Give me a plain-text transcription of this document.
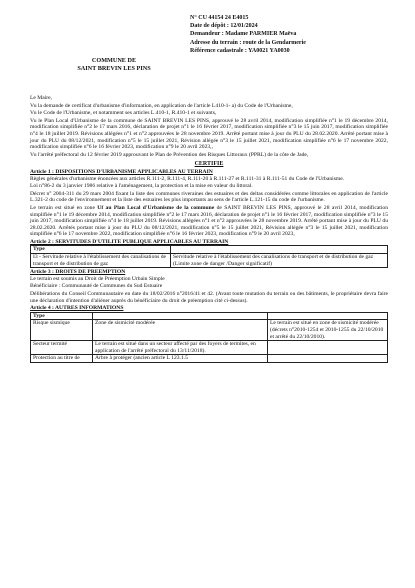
COMMUNE DE
SAINT BREVIN LES PINS
N° CU 44154 24 E4015
Date de dépôt : 12/01/2024
Demandeur : Madame PARMIER Maëva
Adresse du terrain : route de la Gendarmerie
Référence cadastrale : YA0021 YA0030

Le Maire,

Vu la demande de certificat d'urbanisme d'information, en application de l'article L410-1- a) du Code de l'Urbanisme,

Vu le Code de l'Urbanisme, et notamment ses articles L.410-1, R.410-1 et suivants,

Vu le Plan Local d'Urbanisme de la commune de SAINT BREVIN LES PINS, approuvé le 28 avril 2014, modification simplifiée n°1 le 19 décembre 2014, modification simplifiée n°2 le 17 mars 2016, déclaration de projet n°1 le 16 février 2017, modification simplifiée n°3 le 15 juin 2017, modification simplifiée n°4 le 18 juillet 2019. Révisions allégées n°1 et n°2 approuvées le 28 novembre 2019. Arrêté portant mise à jour du PLU du 28.02.2020. Arrêté portant mise à jour du PLU du 08/12/2021, modification n°5 le 15 juillet 2021, Révision allégée n°3 le 15 juillet 2021, modification simplifiée n°6 le 17 novembre 2022, modification simplifiée n°6 le 16 février 2023, modification n°9 le 20 avril 2023,,

Vu l'arrêté préfectoral du 12 février 2019 approuvant le Plan de Prévention des Risques Littoraux (PPRL) de la côte de Jade,

CERTIFIE
Article 1 : DISPOSITIONS D'URBANISME APPLICABLES AU TERRAIN

Règles générales d'urbanisme énoncées aux articles R.111-2, R.111-4, R.111-20 à R.111-27 et R.111-31 à R.111-51 du Code de l'Urbanisme.

Loi n°86-2 du 3 janvier 1986 relative à l'aménagement, la protection et la mise en valeur du littoral.

Décret n° 2004-311 du 29 mars 2004 fixant la liste des communes riveraines des estuaires et des deltas considérées comme littorales en application de l'article L.321-2 du code de l'environnement et la liste des estuaires les plus importants au sens de l'article L.121-15 du code de l'urbanisme.

Le terrain est situé en zone Uf au Plan Local d'Urbanisme de la commune de SAINT BREVIN LES PINS, approuvé le 28 avril 2014, modification simplifiée n°1 le 19 décembre 2014, modification simplifiée n°2 le 17 mars 2016, déclaration de projet n°1 le 16 février 2017, modification simplifiée n°3 le 15 juin 2017, modification simplifiée n°4 le 18 juillet 2019. Révisions allégées n°1 et n°2 approuvées le 28 novembre 2019. Arrêté portant mise à jour du PLU du 28.02.2020. Arrêtés portant mise à jour du PLU du 08/12/2021, modification n°5 le 15 juillet 2021, Révision allégée n°3 le 15 juillet 2021, modification simplifiée n°6 le 17 novembre 2022, modification simplifiée n°6 le 16 février 2023, modification n°9 le 20 avril 2023,

Article 2 : SERVITUDES D'UTILITE PUBLIQUE APPLICABLES AU TERRAIN
Type	
I3 - Servitude relative à l'établissement des canalisations de transport et de distribution de gaz	Servitude relative à l'établissement des canalisations de transport et de distribution de gaz (Limite zone de danger /Danger significatif)
Article 3 : DROITS DE PREEMPTION

Le terrain est soumis au Droit de Préemption Urbain Simple

Bénéficiaire : Communauté de Communes du Sud Estuaire

Délibérations du Conseil Communautaire en date du 18/02/2016 n°2016/41 et 42. (Avant toute mutation du terrain ou des bâtiments, le propriétaire devra faire une déclaration d'intention d'aliéner auprès du bénéficiaire du droit de préemption cité ci-dessus).

Article 4 : AUTRES INFORMATIONS
Type		
Risque sismique	Zone de sismicité modérée	Le terrain est situé en zone de sismicité modérée (décrets n°2010-1254 et 2010-1255 du 22/10/2010 et arrêté du 22/10/2010).
Secteur termité	Le terrain est situé dans un secteur affecté par des foyers de termites, en application de l'arrêté préfectoral du 13/11/2018).	
Protection au titre de	Arbre à protéger (ancien article L 123.1.5	
